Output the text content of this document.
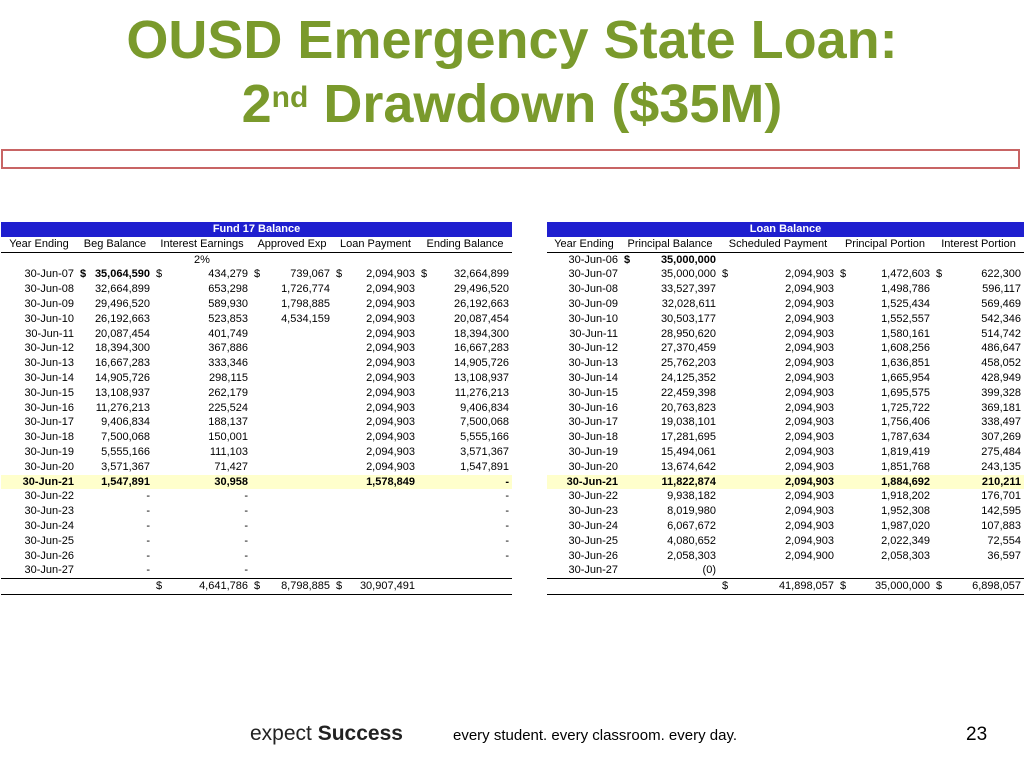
OUSD Emergency State Loan:
2nd Drawdown ($35M)
Fund 17 Balance					
Year Ending	Beg Balance	Interest Earnings	Approved Exp	Loan Payment	Ending Balance
		2%			
30-Jun-07	$ 35,064,590	$ 434,279	$ 739,067	$ 2,094,903	$ 32,664,899

30-Jun-08	32,664,899	653,298	1,726,774	2,094,903	29,496,520
30-Jun-09	29,496,520	589,930	1,798,885	2,094,903	26,192,663
30-Jun-10	26,192,663	523,853	4,534,159	2,094,903	20,087,454
30-Jun-11	20,087,454	401,749		2,094,903	18,394,300
30-Jun-12	18,394,300	367,886		2,094,903	16,667,283
30-Jun-13	16,667,283	333,346		2,094,903	14,905,726
30-Jun-14	14,905,726	298,115		2,094,903	13,108,937
30-Jun-15	13,108,937	262,179		2,094,903	11,276,213
30-Jun-16	11,276,213	225,524		2,094,903	9,406,834
30-Jun-17	9,406,834	188,137		2,094,903	7,500,068
30-Jun-18	7,500,068	150,001		2,094,903	5,555,166
30-Jun-19	5,555,166	111,103		2,094,903	3,571,367
30-Jun-20	3,571,367	71,427		2,094,903	1,547,891
30-Jun-21	1,547,891	30,958		1,578,849	-
30-Jun-22	-	-			-
30-Jun-23	-	-			-
30-Jun-24	-	-			-
30-Jun-25	-	-			-
30-Jun-26	-	-			-
30-Jun-27	-	-			

		$ 4,641,786	$ 8,798,885	$ 30,907,491	

Loan Balance				
Year Ending	Principal Balance	Scheduled Payment	Principal Portion	Interest Portion
30-Jun-06	$ 35,000,000			

30-Jun-07	35,000,000	$ 2,094,903	$ 1,472,603	$ 622,300

30-Jun-08	33,527,397	2,094,903	1,498,786	596,117
30-Jun-09	32,028,611	2,094,903	1,525,434	569,469
30-Jun-10	30,503,177	2,094,903	1,552,557	542,346
30-Jun-11	28,950,620	2,094,903	1,580,161	514,742
30-Jun-12	27,370,459	2,094,903	1,608,256	486,647
30-Jun-13	25,762,203	2,094,903	1,636,851	458,052
30-Jun-14	24,125,352	2,094,903	1,665,954	428,949
30-Jun-15	22,459,398	2,094,903	1,695,575	399,328
30-Jun-16	20,763,823	2,094,903	1,725,722	369,181
30-Jun-17	19,038,101	2,094,903	1,756,406	338,497
30-Jun-18	17,281,695	2,094,903	1,787,634	307,269
30-Jun-19	15,494,061	2,094,903	1,819,419	275,484
30-Jun-20	13,674,642	2,094,903	1,851,768	243,135
30-Jun-21	11,822,874	2,094,903	1,884,692	210,211
30-Jun-22	9,938,182	2,094,903	1,918,202	176,701
30-Jun-23	8,019,980	2,094,903	1,952,308	142,595
30-Jun-24	6,067,672	2,094,903	1,987,020	107,883
30-Jun-25	4,080,652	2,094,903	2,022,349	72,554
30-Jun-26	2,058,303	2,094,900	2,058,303	36,597
30-Jun-27	(0)			

		$ 41,898,057	$ 35,000,000	$ 6,898,057
expect Success	every student. every classroom. every day.	23
